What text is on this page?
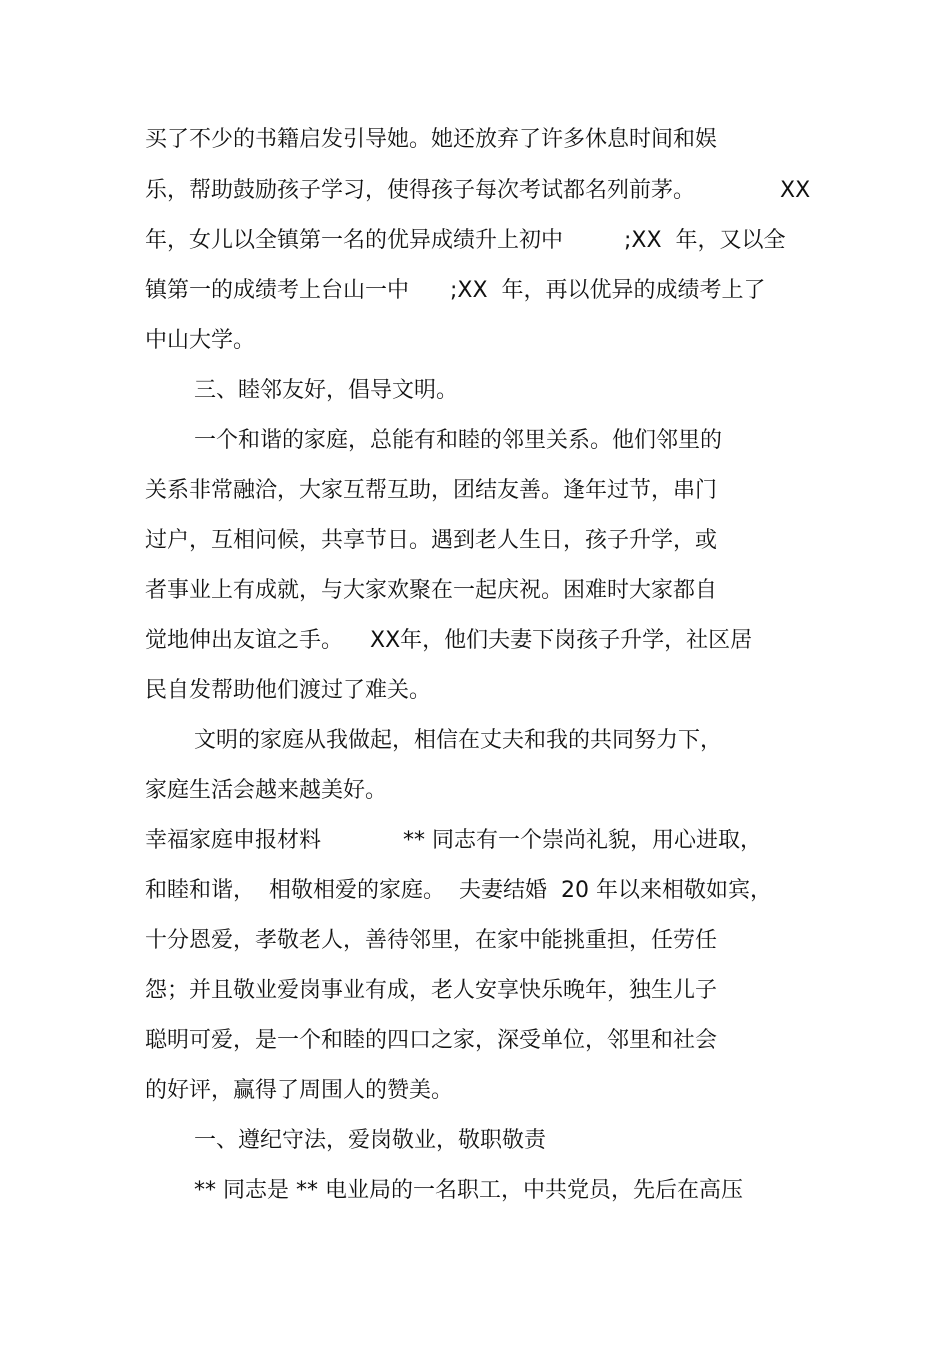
买了不少的书籍启发引导她。她还放弃了许多休息时间和娱

乐，帮助鼓励孩子学习，使得孩子每次考试都名列前茅。

	XX

年，女儿以全镇第一名的优异成绩升上初中

	;XX  年，又以全

镇第一的成绩考上台山一中

;XX  年，再以优异的成绩考上了

中山大学。

三、睦邻友好，倡导文明。

一个和谐的家庭，总能有和睦的邻里关系。他们邻里的

关系非常融洽，大家互帮互助，团结友善。逢年过节，串门

过户，互相问候，共享节日。遇到老人生日，孩子升学，或

者事业上有成就，与大家欢聚在一起庆祝。困难时大家都自

觉地伸出友谊之手。

XX年，他们夫妻下岗孩子升学，社区居

民自发帮助他们渡过了难关。

文明的家庭从我做起，相信在丈夫和我的共同努力下，

家庭生活会越来越美好。

幸福家庭申报材料

	** 同志有一个崇尚礼貌，用心进取，

和睦和谐，  相敬相爱的家庭。  夫妻结婚  20 年以来相敬如宾，

十分恩爱，孝敬老人，善待邻里，在家中能挑重担，任劳任

怨；并且敬业爱岗事业有成，老人安享快乐晚年，独生儿子

聪明可爱，是一个和睦的四口之家，深受单位，邻里和社会

的好评，赢得了周围人的赞美。

一、遵纪守法，爱岗敬业，敬职敬责

** 同志是 ** 电业局的一名职工，中共党员，先后在高压
